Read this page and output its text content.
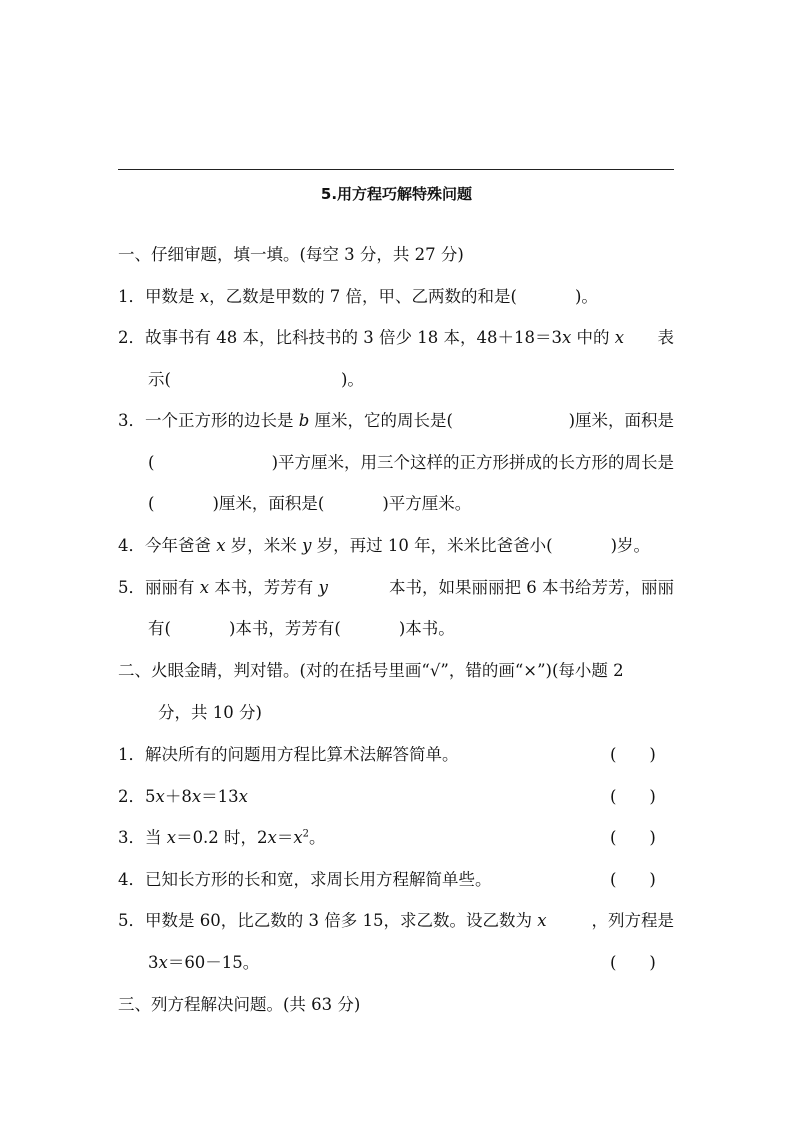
5.用方程巧解特殊问题
一、仔细审题，填一填。(每空 3 分，共 27 分)
1．甲数是 x，乙数是甲数的 7 倍，甲、乙两数的和是(	)。
2．故事书有 48 本，比科技书的 3 倍少 18 本，48＋18＝3x 中的 x 表
示(	)。
3．一个正方形的边长是 b 厘米，它的周长是(	)厘米，面积是
(	)平方厘米，用三个这样的正方形拼成的长方形的周长是
(	)厘米，面积是(	)平方厘米。
4．今年爸爸 x 岁，米米 y 岁，再过 10 年，米米比爸爸小(	)岁。
5．丽丽有 x 本书，芳芳有 y	本书，如果丽丽把 6 本书给芳芳，丽丽
有(	)本书，芳芳有(	)本书。
二、火眼金睛，判对错。(对的在括号里画“√”，错的画“×”)(每小题 2
分，共 10 分)
1．解决所有的问题用方程比算术法解答简单。	(　　)
2．5x＋8x＝13x	(　　)
3．当 x＝0.2 时，$2x=x^2$。	(　　)
4．已知长方形的长和宽，求周长用方程解简单些。	(　　)
5．甲数是 60，比乙数的 3 倍多 15，求乙数。设乙数为 x	，列方程是
3x＝60－15。	(　　)
三、列方程解决问题。(共 63 分)
